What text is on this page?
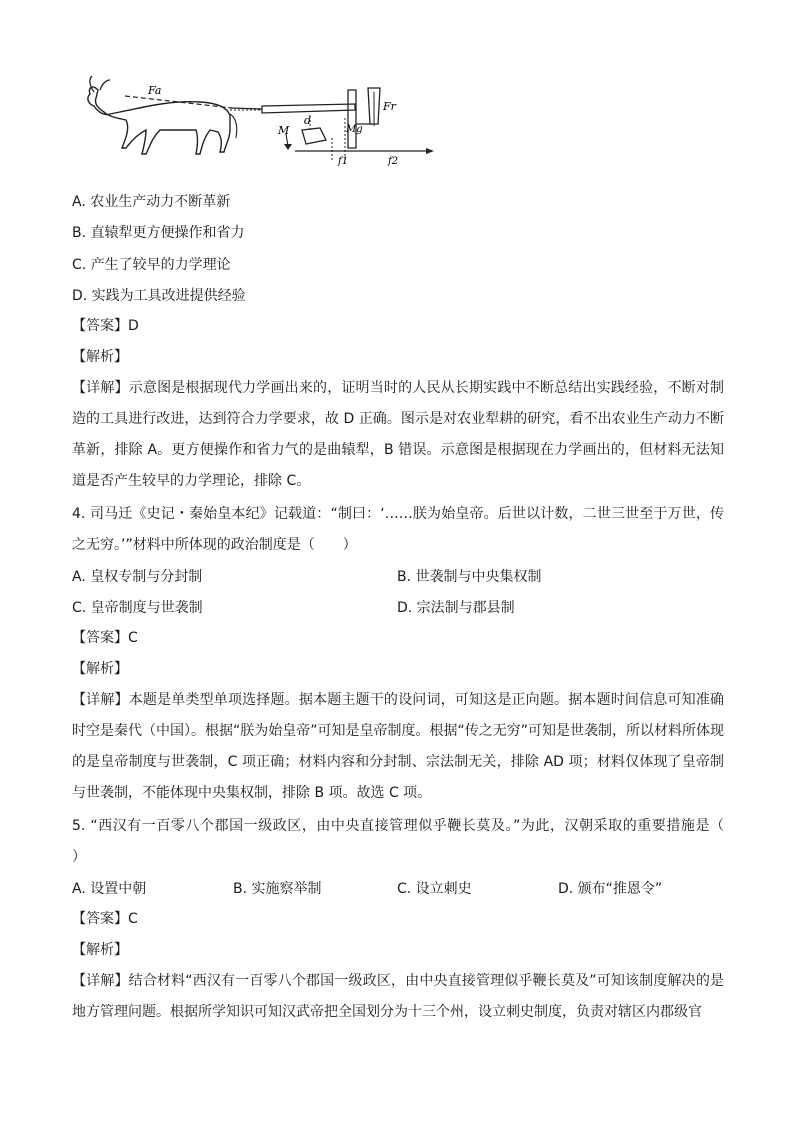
Fa
Fr
M	Mg
d
f1	f2
A. 农业生产动力不断革新
B. 直辕犁更方便操作和省力
C. 产生了较早的力学理论
D. 实践为工具改进提供经验
【答案】D
【解析】
【详解】示意图是根据现代力学画出来的，证明当时的人民从长期实践中不断总结出实践经验，不断对制造的工具进行改进，达到符合力学要求，故 D 正确。图示是对农业犁耕的研究，看不出农业生产动力不断革新，排除 A。更方便操作和省力气的是曲辕犁，B 错误。示意图是根据现在力学画出的，但材料无法知道是否产生较早的力学理论，排除 C。
4. 司马迁《史记・秦始皇本纪》记载道：“制曰：‘……朕为始皇帝。后世以计数，二世三世至于万世，传之无穷。’”材料中所体现的政治制度是（　　）
A. 皇权专制与分封制	B. 世袭制与中央集权制
C. 皇帝制度与世袭制	D. 宗法制与郡县制
【答案】C
【解析】
【详解】本题是单类型单项选择题。据本题主题干的设问词，可知这是正向题。据本题时间信息可知准确时空是秦代（中国）。根据“朕为始皇帝”可知是皇帝制度。根据“传之无穷”可知是世袭制，所以材料所体现的是皇帝制度与世袭制，C 项正确；材料内容和分封制、宗法制无关，排除 AD 项；材料仅体现了皇帝制与世袭制，不能体现中央集权制，排除 B 项。故选 C 项。
5. “西汉有一百零八个郡国一级政区，由中央直接管理似乎鞭长莫及。”为此，汉朝采取的重要措施是（　　）
A. 设置中朝	B. 实施察举制	C. 设立刺史	D. 颁布“推恩令”
【答案】C
【解析】
【详解】结合材料“西汉有一百零八个郡国一级政区，由中央直接管理似乎鞭长莫及”可知该制度解决的是地方管理问题。根据所学知识可知汉武帝把全国划分为十三个州，设立刺史制度，负责对辖区内郡级官
